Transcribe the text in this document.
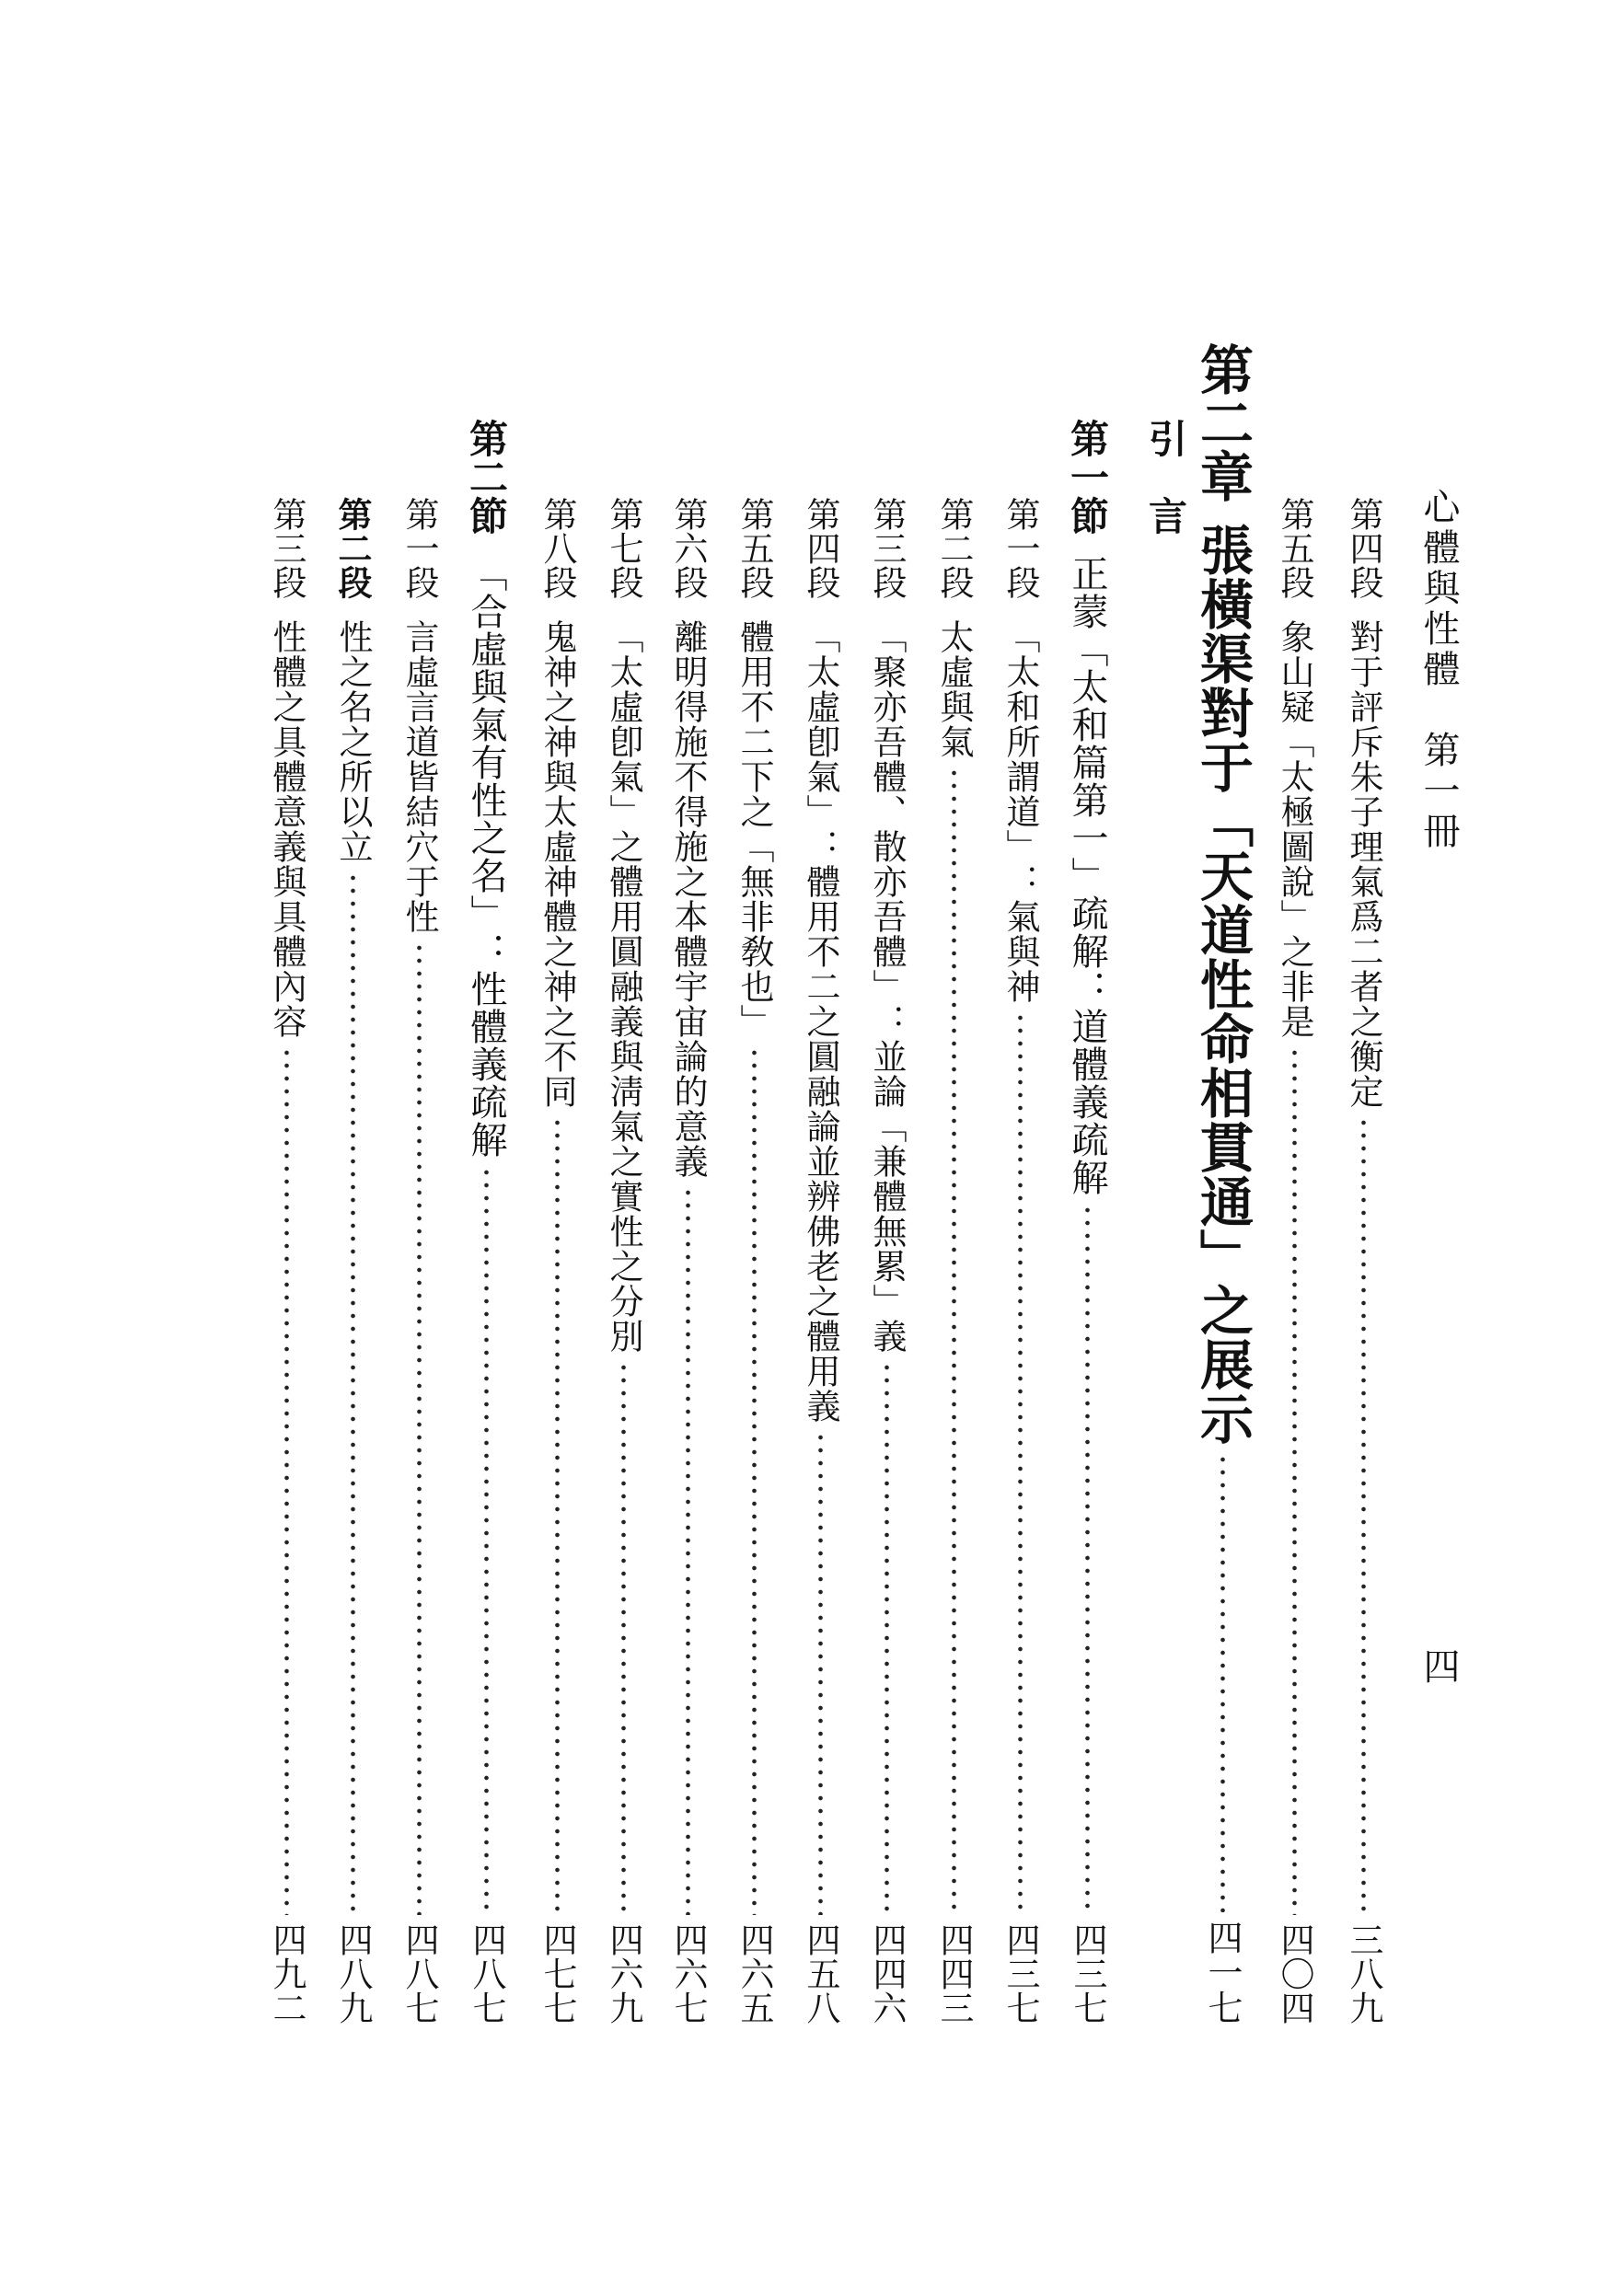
心體與性體　第一冊
四
第四段
對于評斥朱子理氣爲二者之衡定
三八九
第五段
象山疑「太極圖說」之非是
四〇四
第二章
張橫渠對于「天道性命相貫通」之展示
四一七
引　言
第一節
正蒙「太和篇第一」疏解：道體義疏解
四三七
第一段
「太和所謂道」：氣與神
四三七
第二段
太虛與氣
四四三
第三段
「聚亦吾體、散亦吾體」：並論「兼體無累」義
四四六
第四段
「太虛卽氣」：體用不二之圓融論並辨佛老之體用義
四五八
第五段
體用不二下之「無非敎也」
四六五
第六段
離明得施不得施之本體宇宙論的意義
四六七
第七段
「太虛卽氣」之體用圓融義與淸氣之實性之分別
四六九
第八段
鬼神之神與太虛神體之神之不同
四七七
第二節
「合虛與氣有性之名」：性體義疏解
四八七
第一段
言虛言道皆結穴于性
四八七
第二段
性之名之所以立
四八九
第三段
性體之具體意義與具體內容
四九二
